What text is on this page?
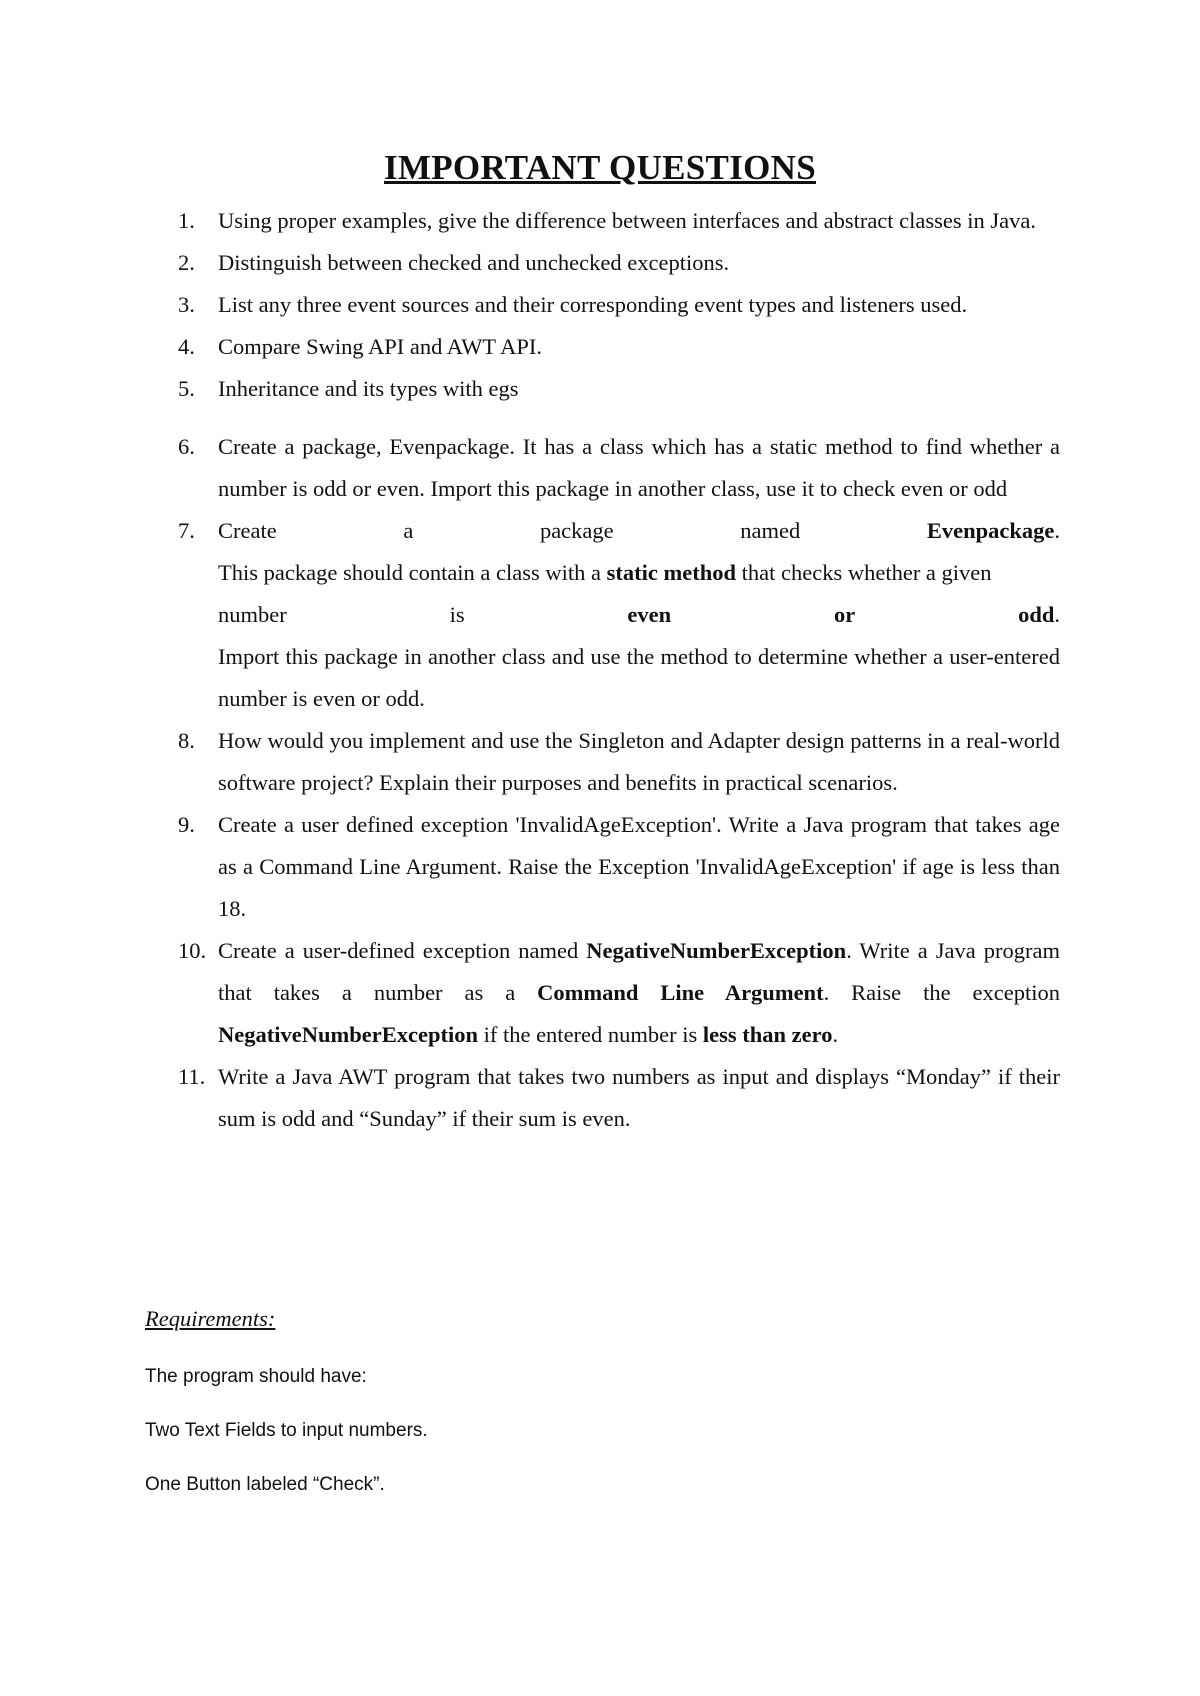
IMPORTANT QUESTIONS
1. Using proper examples, give the difference between interfaces and abstract classes in Java.
2. Distinguish between checked and unchecked exceptions.
3. List any three event sources and their corresponding event types and listeners used.
4. Compare Swing API and AWT API.
5. Inheritance and its types with egs
6. Create a package, Evenpackage. It has a class which has a static method to find whether a number is odd or even. Import this package in another class, use it to check even or odd
7. Create	a	package	named	Evenpackage.
This package should contain a class with a static method that checks whether a given
number	is	even	or	odd.
Import this package in another class and use the method to determine whether a user-entered number is even or odd.
8. How would you implement and use the Singleton and Adapter design patterns in a real-world software project? Explain their purposes and benefits in practical scenarios.
9. Create a user defined exception 'InvalidAgeException'. Write a Java program that takes age as a Command Line Argument. Raise the Exception 'InvalidAgeException' if age is less than 18.
10. Create a user-defined exception named NegativeNumberException. Write a Java program that takes a number as a Command Line Argument. Raise the exception NegativeNumberException if the entered number is less than zero.
11. Write a Java AWT program that takes two numbers as input and displays “Monday” if their sum is odd and “Sunday” if their sum is even.

Requirements:

The program should have:

Two Text Fields to input numbers.

One Button labeled “Check”.
